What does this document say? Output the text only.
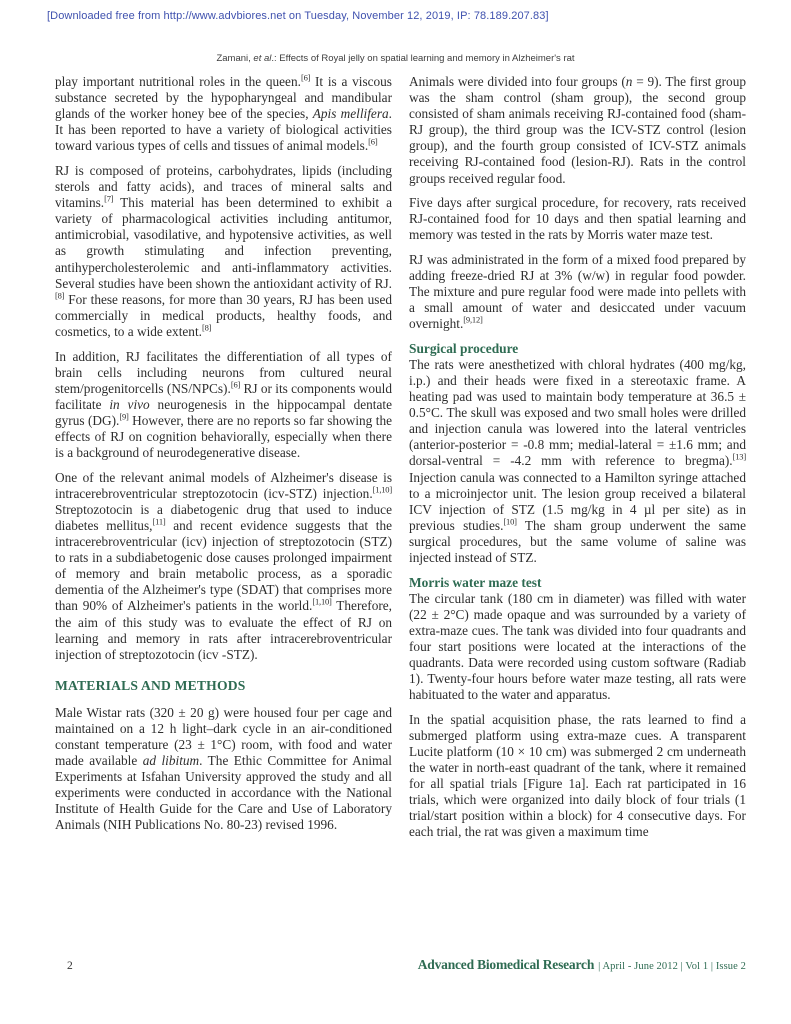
[Downloaded free from http://www.advbiores.net on Tuesday, November 12, 2019, IP: 78.189.207.83]
Zamani, et al.: Effects of Royal jelly on spatial learning and memory in Alzheimer's rat

play important nutritional roles in the queen.[6] It is a viscous substance secreted by the hypopharyngeal and mandibular glands of the worker honey bee of the species, Apis mellifera. It has been reported to have a variety of biological activities toward various types of cells and tissues of animal models.[6]

RJ is composed of proteins, carbohydrates, lipids (including sterols and fatty acids), and traces of mineral salts and vitamins.[7] This material has been determined to exhibit a variety of pharmacological activities including antitumor, antimicrobial, vasodilative, and hypotensive activities, as well as growth stimulating and infection preventing, antihypercholesterolemic and anti-inflammatory activities. Several studies have been shown the antioxidant activity of RJ.[8] For these reasons, for more than 30 years, RJ has been used commercially in medical products, healthy foods, and cosmetics, to a wide extent.[8]

In addition, RJ facilitates the differentiation of all types of brain cells including neurons from cultured neural stem/progenitorcells (NS/NPCs).[6] RJ or its components would facilitate in vivo neurogenesis in the hippocampal dentate gyrus (DG).[9] However, there are no reports so far showing the effects of RJ on cognition behaviorally, especially when there is a background of neurodegenerative disease.

One of the relevant animal models of Alzheimer's disease is intracerebroventricular streptozotocin (icv-STZ) injection.[1,10] Streptozotocin is a diabetogenic drug that used to induce diabetes mellitus,[11] and recent evidence suggests that the intracerebroventricular (icv) injection of streptozotocin (STZ) to rats in a subdiabetogenic dose causes prolonged impairment of memory and brain metabolic process, as a sporadic dementia of the Alzheimer's type (SDAT) that comprises more than 90% of Alzheimer's patients in the world.[1,10] Therefore, the aim of this study was to evaluate the effect of RJ on learning and memory in rats after intracerebroventricular injection of streptozotocin (icv -STZ).

MATERIALS AND METHODS

Male Wistar rats (320 ± 20 g) were housed four per cage and maintained on a 12 h light–dark cycle in an air-conditioned constant temperature (23 ± 1°C) room, with food and water made available ad libitum. The Ethic Committee for Animal Experiments at Isfahan University approved the study and all experiments were conducted in accordance with the National Institute of Health Guide for the Care and Use of Laboratory Animals (NIH Publications No. 80-23) revised 1996.

Animals were divided into four groups (n = 9). The first group was the sham control (sham group), the second group consisted of sham animals receiving RJ-contained food (sham-RJ group), the third group was the ICV-STZ control (lesion group), and the fourth group consisted of ICV-STZ animals receiving RJ-contained food (lesion-RJ). Rats in the control groups received regular food.

Five days after surgical procedure, for recovery, rats received RJ-contained food for 10 days and then spatial learning and memory was tested in the rats by Morris water maze test.

RJ was administrated in the form of a mixed food prepared by adding freeze-dried RJ at 3% (w/w) in regular food powder. The mixture and pure regular food were made into pellets with a small amount of water and desiccated under vacuum overnight.[9,12]

Surgical procedure

The rats were anesthetized with chloral hydrates (400 mg/kg, i.p.) and their heads were fixed in a stereotaxic frame. A heating pad was used to maintain body temperature at 36.5 ± 0.5°C. The skull was exposed and two small holes were drilled and injection canula was lowered into the lateral ventricles (anterior-posterior = -0.8 mm; medial-lateral = ±1.6 mm; and dorsal-ventral = -4.2 mm with reference to bregma).[13] Injection canula was connected to a Hamilton syringe attached to a microinjector unit. The lesion group received a bilateral ICV injection of STZ (1.5 mg/kg in 4 µl per site) as in previous studies.[10] The sham group underwent the same surgical procedures, but the same volume of saline was injected instead of STZ.

Morris water maze test

The circular tank (180 cm in diameter) was filled with water (22 ± 2°C) made opaque and was surrounded by a variety of extra-maze cues. The tank was divided into four quadrants and four start positions were located at the interactions of the quadrants. Data were recorded using custom software (Radiab 1). Twenty-four hours before water maze testing, all rats were habituated to the water and apparatus.

In the spatial acquisition phase, the rats learned to find a submerged platform using extra-maze cues. A transparent Lucite platform (10 × 10 cm) was submerged 2 cm underneath the water in north-east quadrant of the tank, where it remained for all spatial trials [Figure 1a]. Each rat participated in 16 trials, which were organized into daily block of four trials (1 trial/start position within a block) for 4 consecutive days. For each trial, the rat was given a maximum time

2	Advanced Biomedical Research | April - June 2012 | Vol 1 | Issue 2
